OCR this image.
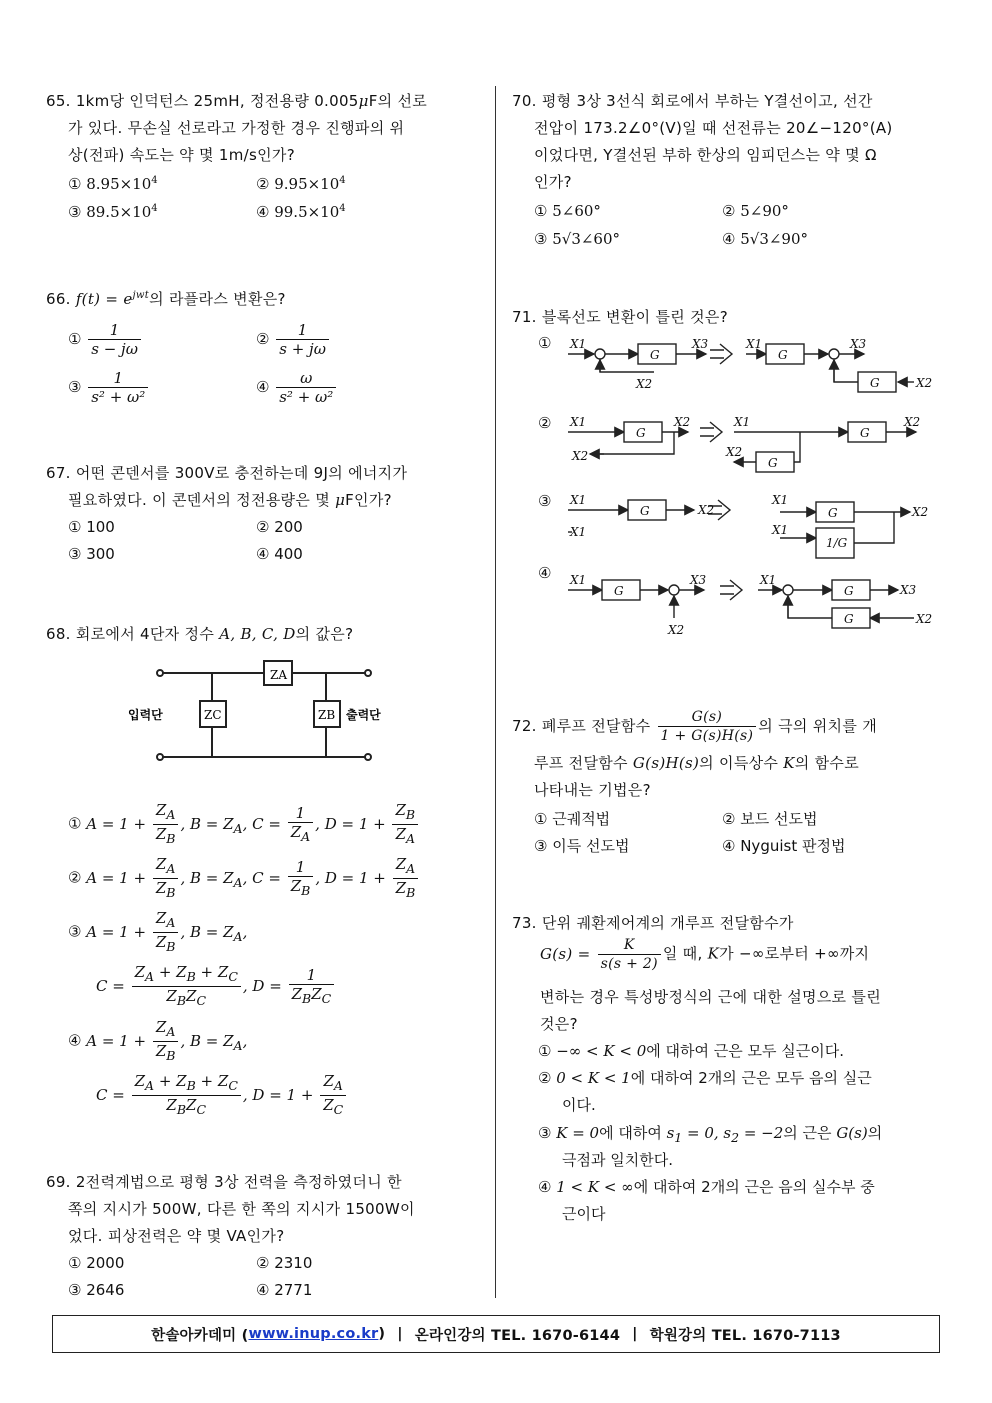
65. 1km당 인덕턴스 25mH, 정전용량 0.005μF의 선로
가 있다. 무손실 선로라고 가정한 경우 진행파의 위
상(전파) 속도는 약 몇 1m/s인가?
① $8.95\times 10^4$	② $9.95\times 10^4$
③ $89.5\times 10^4$	④ $99.5\times 10^4$
66. $f(t) = e^{jwt}$의 라플라스 변환은?
① $\frac{1}{s - j\omega}$	② $\frac{1}{s + j\omega}$
③ $\frac{1}{\text{s² + ω²}}$	④ $\frac{\omega}{\text{s² + ω²}}$
67. 어떤 콘덴서를 300V로 충전하는데 9J의 에너지가
필요하였다. 이 콘덴서의 정전용량은 몇 μF인가?
① 100	② 200
③ 300	④ 400
68. 회로에서 4단자 정수 A, B, C, D의 값은?
ZA
ZC	ZB
입력단	출력단
① $A = 1 + \frac{Z_A}{Z_B}$ , $B = Z_A$, $C = \frac{1}{Z_A}$ , $D = 1 + \frac{Z_B}{Z_A}$
② $A = 1 + \frac{Z_A}{Z_B}$ , $B = Z_A$, $C = \frac{1}{Z_B}$ , $D = 1 + \frac{Z_A}{Z_B}$
③ $A = 1 + \frac{Z_A}{Z_B}$ , $B = Z_A$,
$C = \frac{Z_A + Z_B + Z_C}{Z_BZ_C}$ , $D = \frac{1}{Z_BZ_C}$
④ $A = 1 + \frac{Z_A}{Z_B}$ , $B = Z_A$,
$C = \frac{Z_A + Z_B + Z_C}{Z_BZ_C}$ , $D = 1 + \frac{Z_A}{Z_C}$
69. 2전력계법으로 평형 3상 전력을 측정하였더니 한
쪽의 지시가 500W, 다른 한 쪽의 지시가 1500W이
었다. 피상전력은 약 몇 VA인가?
① 2000	② 2310
③ 2646	④ 2771
70. 평형 3상 3선식 회로에서 부하는 Y결선이고, 선간
전압이 173.2∠0°(V)일 때 선전류는 20∠−120°(A)
이었다면, Y결선된 부하 한상의 임피던스는 약 몇 Ω
인가?
① 5∠60°	② 5∠90°
③ 5√3∠60°	④ 5√3∠90°
71. 블록선도 변환이 틀린 것은?
①
②
③
④
X1
G
X3
X2
X1
G
X3
G	X2
X1
G
X2
X2
X1
G
X2
X2
G
X1
G	X2
X1
X1
G	X2
X1
1/G
X1
G
X3
X2
X1
G	X3
G	X2
72. 폐루프 전달함수 $\frac{G(s)}{1 + G(s)H(s)}$ 의 극의 위치를 개
루프 전달함수 G(s)H(s)의 이득상수 K의 함수로
나타내는 기법은?
① 근궤적법	② 보드 선도법
③ 이득 선도법	④ Nyguist 판정법
73. 단위 궤환제어계의 개루프 전달함수가
$G(s) = \frac{K}{s(s + 2)}$ 일 때, K가 −∞로부터 +∞까지
변하는 경우 특성방정식의 근에 대한 설명으로 틀린
것은?
① −∞ < K < 0에 대하여 근은 모두 실근이다.
② 0 < K < 1에 대하여 2개의 근은 모두 음의 실근
이다.
③ K = 0에 대하여 $s_1 = 0$, $s_2 = -2$의 근은 G(s)의
극점과 일치한다.
④ 1 < K < ∞에 대하여 2개의 근은 음의 실수부 중
근이다
한솔아카데미 ( www.inup.co.kr ) | 온라인강의 TEL. 1670-6144 | 학원강의 TEL. 1670-7113
